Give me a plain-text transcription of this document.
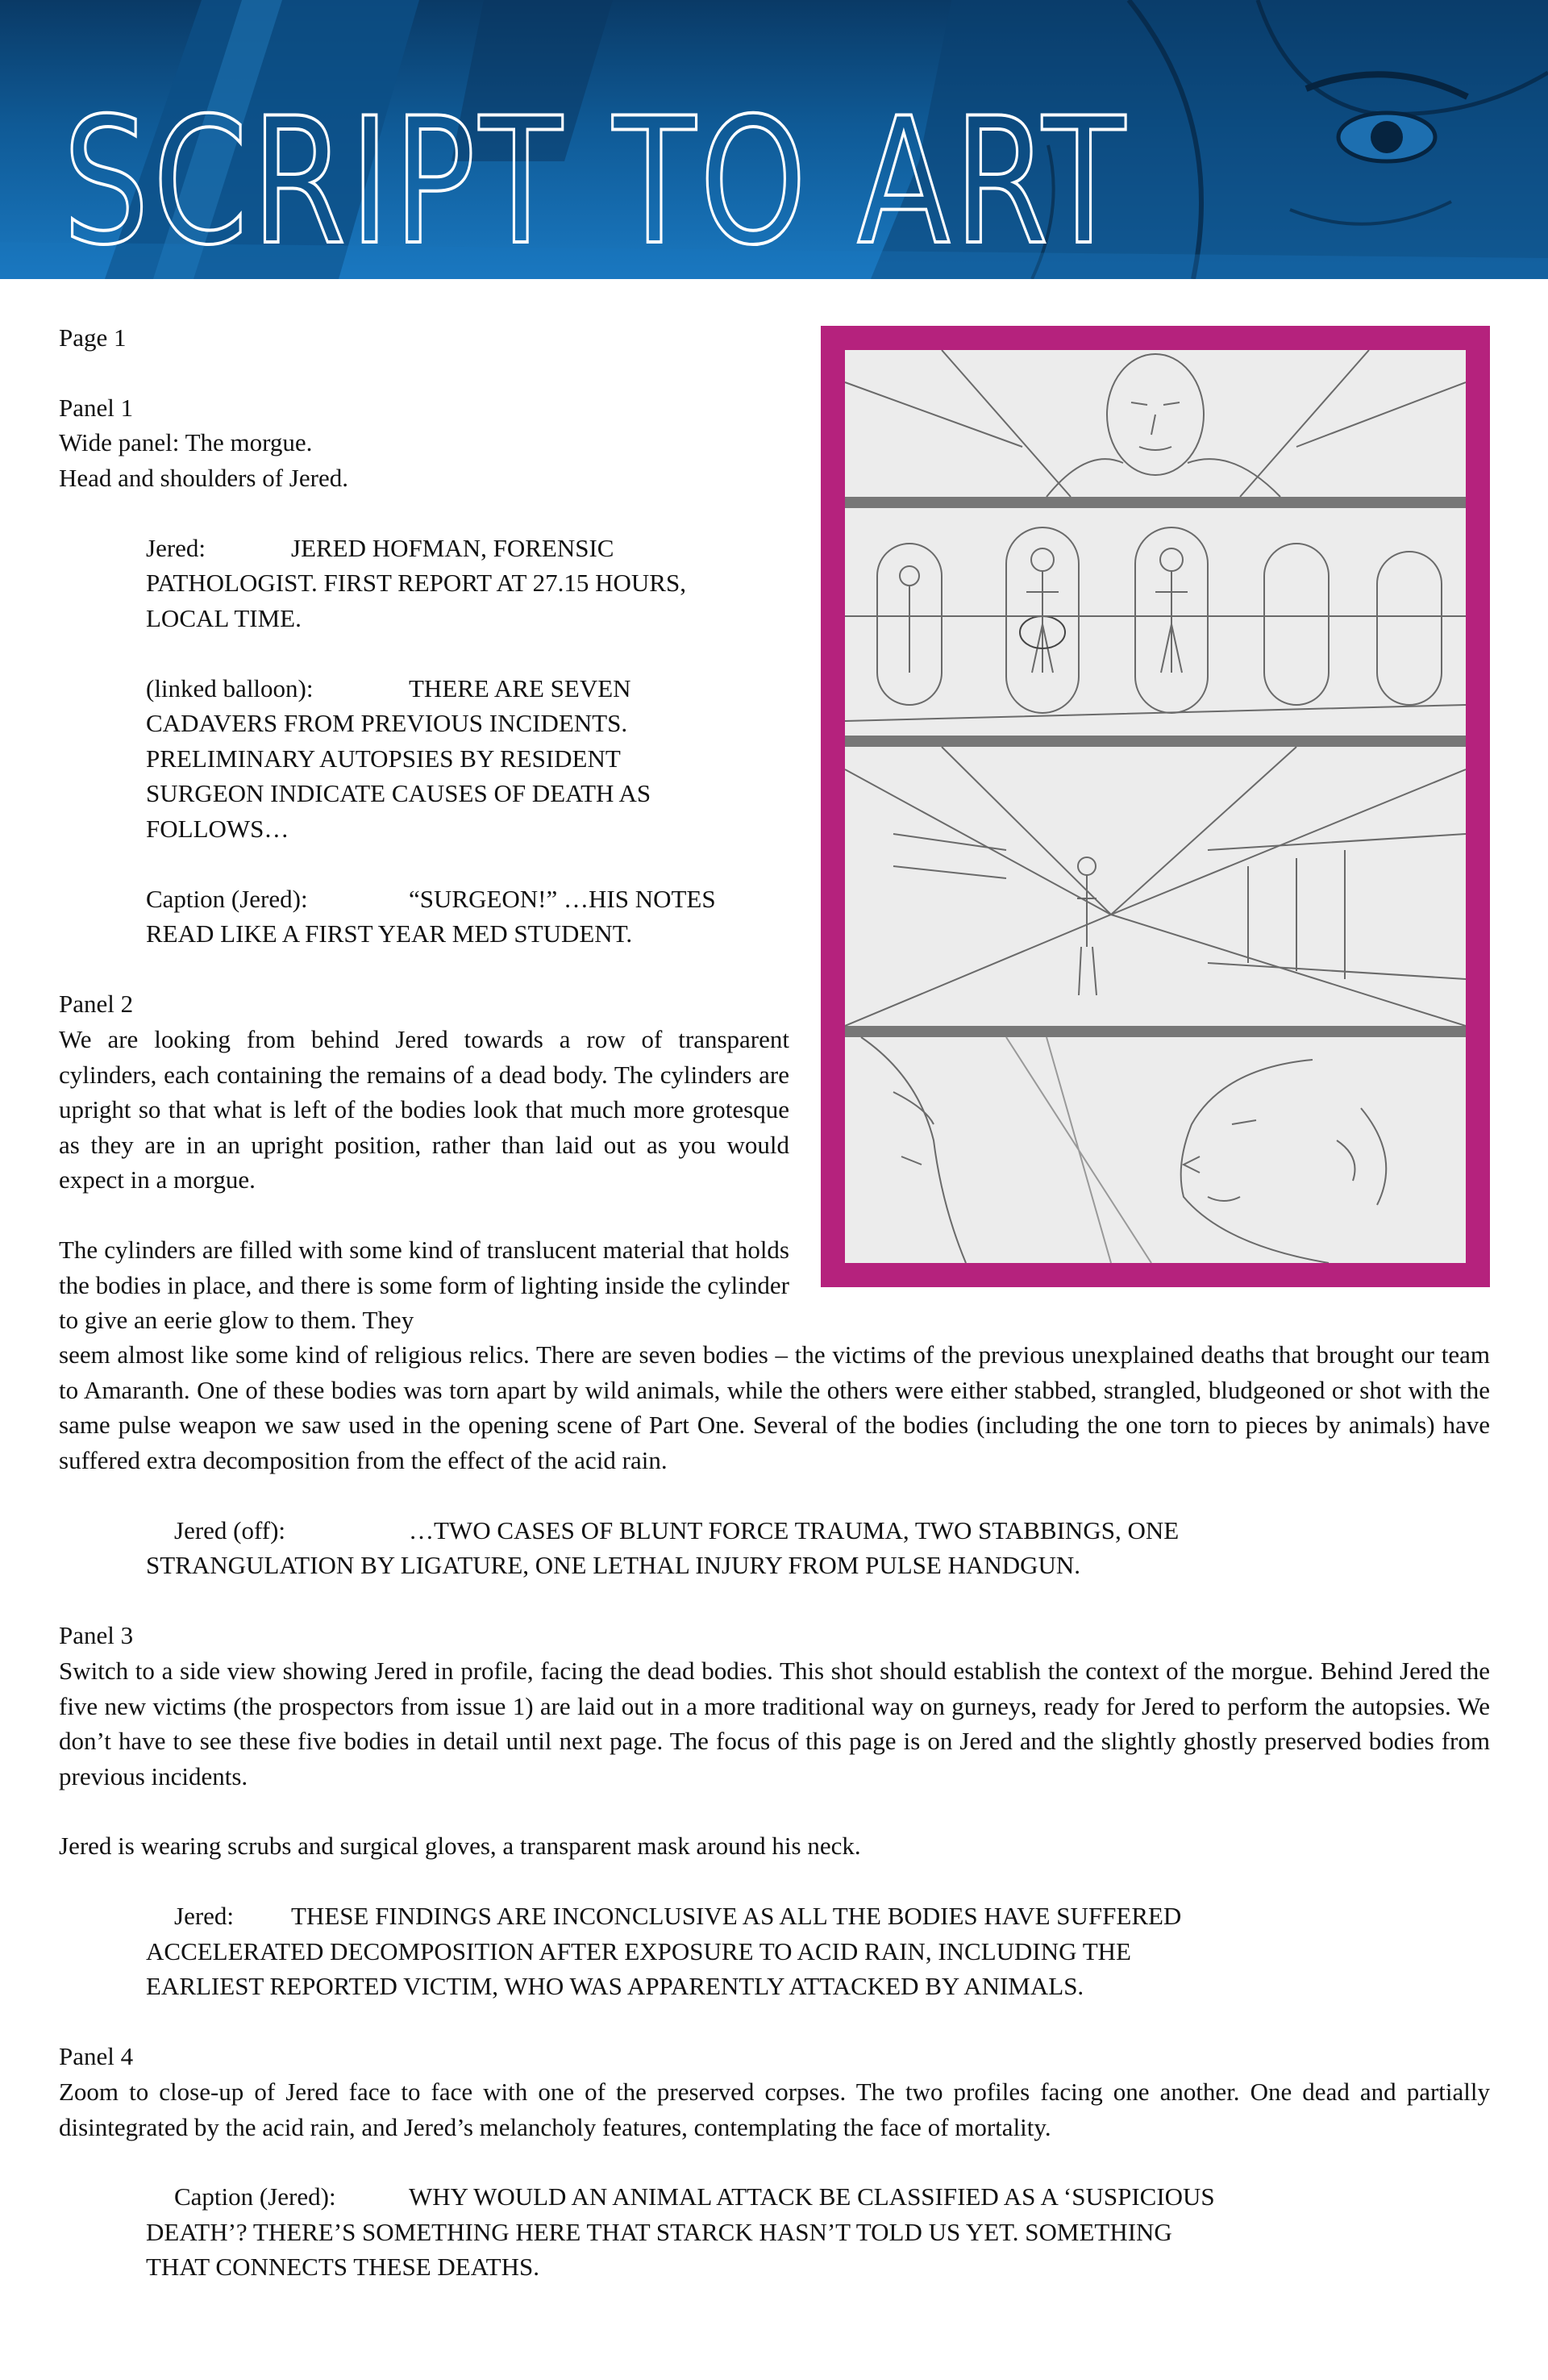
SCRIPT TO ART
Page 1
Panel 1
Wide panel: The morgue.
Head and shoulders of Jered.
Jered:	JERED HOFMAN, FORENSIC
PATHOLOGIST. FIRST REPORT AT 27.15 HOURS,
LOCAL TIME.
(linked balloon):	THERE ARE SEVEN
CADAVERS FROM PREVIOUS INCIDENTS.
PRELIMINARY AUTOPSIES BY RESIDENT
SURGEON INDICATE CAUSES OF DEATH AS
FOLLOWS…
Caption (Jered):	“SURGEON!” …HIS NOTES
READ LIKE A FIRST YEAR MED STUDENT.
Panel 2
We are looking from behind Jered towards a row of transparent cylinders, each containing the remains of a dead body. The cylinders are upright so that what is left of the bodies look that much more grotesque as they are in an upright position, rather than laid out as you would expect in a morgue.
The cylinders are filled with some kind of translucent material that holds the bodies in place, and there is some form of lighting inside the cylinder to give an eerie glow to them. They
seem almost like some kind of religious relics. There are seven bodies – the victims of the previous unexplained deaths that brought our team to Amaranth. One of these bodies was torn apart by wild animals, while the others were either stabbed, strangled, bludgeoned or shot with the same pulse weapon we saw used in the opening scene of Part One. Several of the bodies (including the one torn to pieces by animals) have suffered extra decomposition from the effect of the acid rain.
Jered (off):	…TWO CASES OF BLUNT FORCE TRAUMA, TWO STABBINGS, ONE
STRANGULATION BY LIGATURE, ONE LETHAL INJURY FROM PULSE HANDGUN.
Panel 3
Switch to a side view showing Jered in profile, facing the dead bodies. This shot should establish the context of the morgue. Behind Jered the five new victims (the prospectors from issue 1) are laid out in a more traditional way on gurneys, ready for Jered to perform the autopsies. We don’t have to see these five bodies in detail until next page. The focus of this page is on Jered and the slightly ghostly preserved bodies from previous incidents.
Jered is wearing scrubs and surgical gloves, a transparent mask around his neck.
Jered: THESE FINDINGS ARE INCONCLUSIVE AS ALL THE BODIES HAVE SUFFERED
ACCELERATED DECOMPOSITION AFTER EXPOSURE TO ACID RAIN, INCLUDING THE
EARLIEST REPORTED VICTIM, WHO WAS APPARENTLY ATTACKED BY ANIMALS.
Panel 4
Zoom to close-up of Jered face to face with one of the preserved corpses. The two profiles facing one another. One dead and partially disintegrated by the acid rain, and Jered’s melancholy features, contemplating the face of mortality.
Caption (Jered):	WHY WOULD AN ANIMAL ATTACK BE CLASSIFIED AS A ‘SUSPICIOUS
DEATH’? THERE’S SOMETHING HERE THAT STARCK HASN’T TOLD US YET. SOMETHING
THAT CONNECTS THESE DEATHS.
